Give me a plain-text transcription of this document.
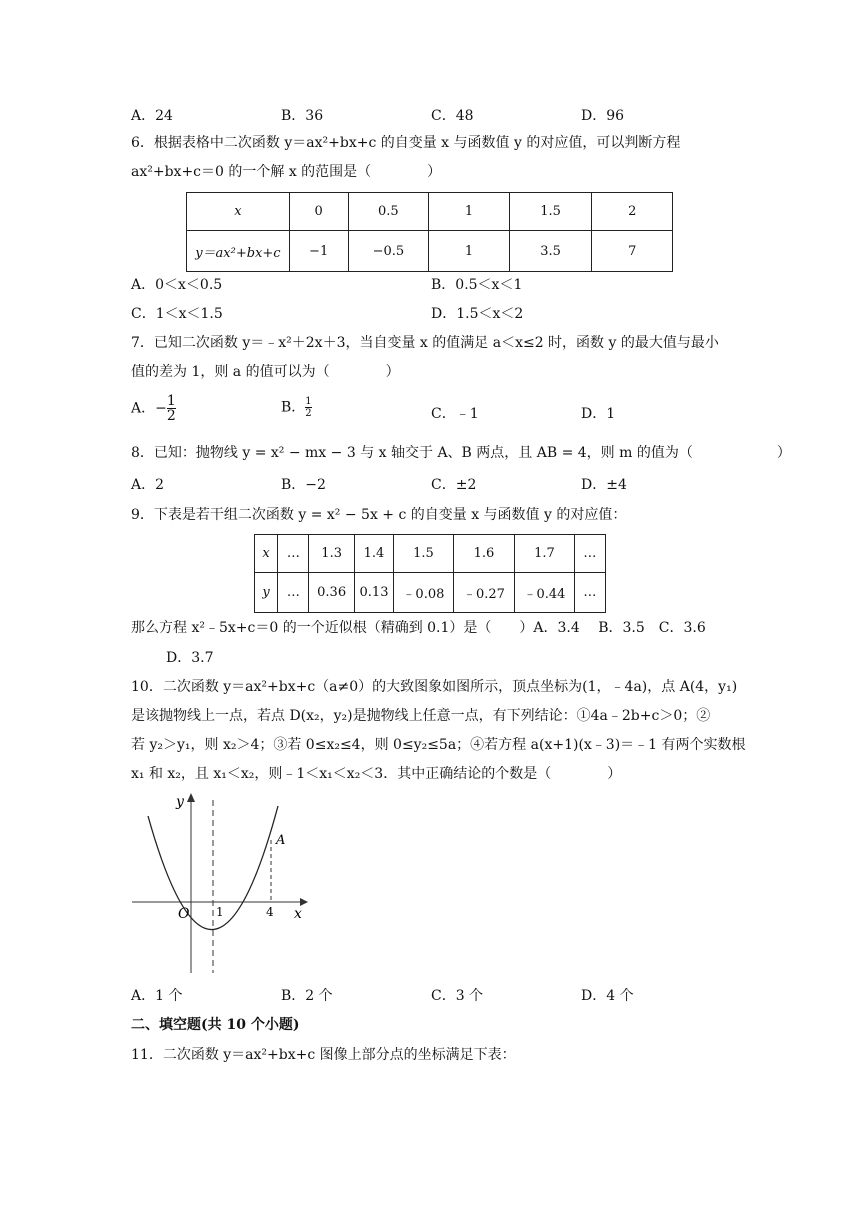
A．24	B．36	C．48	D．96
6．根据表格中二次函数 y＝ax²+bx+c 的自变量 x 与函数值 y 的对应值，可以判断方程
ax²+bx+c＝0 的一个解 x 的范围是（　　　　）
x	0	0.5	1	1.5	2
y＝ax²+bx+c	−1	−0.5	1	3.5	7
A．0＜x＜0.5	B．0.5＜x＜1
C．1＜x＜1.5	D．1.5＜x＜2
7．已知二次函数 y＝﹣x²＋2x＋3，当自变量 x 的值满足 a＜x≤2 时，函数 y 的最大值与最小
值的差为 1，则 a 的值可以为（　　　　）
A．− $\frac{1}{2}$	B． $\frac{1}{2}$	C．﹣1	D．1
8．已知：抛物线 y = x² − mx − 3 与 x 轴交于 A、B 两点，且 AB = 4，则 m 的值为（　　　　　　）
A．2	B．−2	C．±2	D．±4
9．下表是若干组二次函数 y = x² − 5x + c 的自变量 x 与函数值 y 的对应值：
x	…	1.3	1.4	1.5	1.6	1.7	…
y	…	0.36	0.13	﹣0.08	﹣0.27	﹣0.44	…
那么方程 x²﹣5x+c＝0 的一个近似根（精确到 0.1）是（　　）A．3.4　 B．3.5　C．3.6
D．3.7
10．二次函数 y＝ax²+bx+c（a≠0）的大致图象如图所示，顶点坐标为(1，﹣4a)，点 A(4，y₁)
是该抛物线上一点，若点 D(x₂，y₂)是抛物线上任意一点，有下列结论：①4a﹣2b+c＞0；②
若 y₂＞y₁，则 x₂＞4；③若 0≤x₂≤4，则 0≤y₂≤5a；④若方程 a(x+1)(x﹣3)＝﹣1 有两个实数根
x₁ 和 x₂，且 x₁＜x₂，则﹣1＜x₁＜x₂＜3．其中正确结论的个数是（　　　　）
y
x
O 1	4
A
A．1 个	B．2 个	C．3 个	D．4 个
二、填空题(共 10 个小题)
11．二次函数 y＝ax²+bx+c 图像上部分点的坐标满足下表：
